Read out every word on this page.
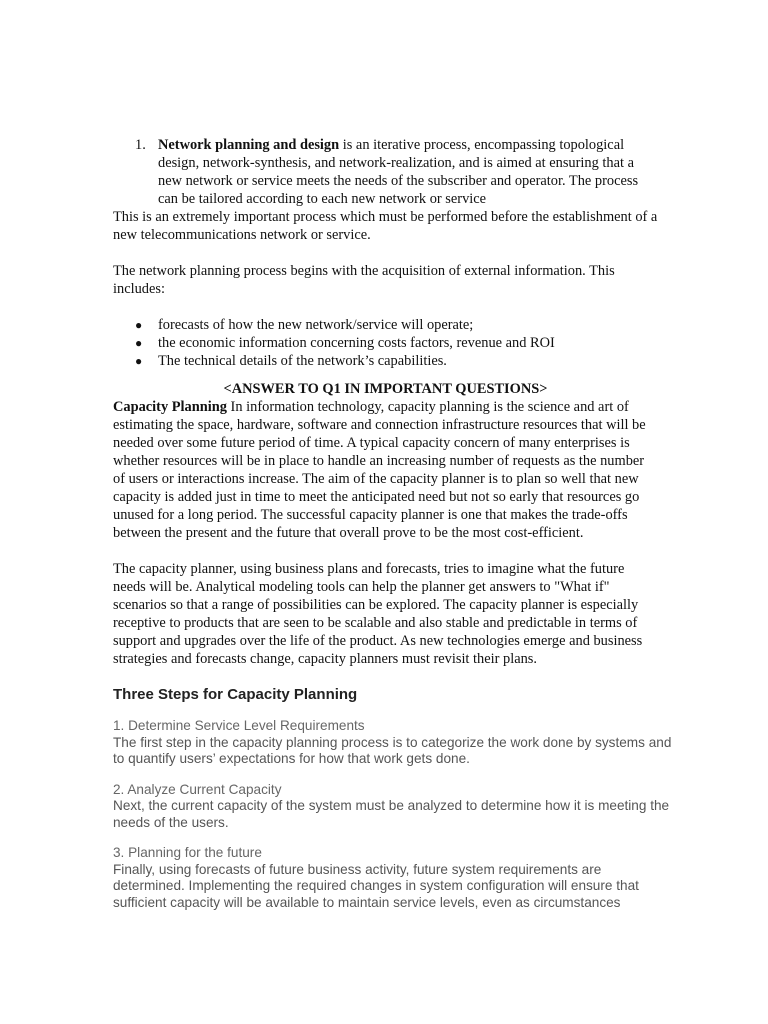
1. Network planning and design is an iterative process, encompassing topological design, network-synthesis, and network-realization, and is aimed at ensuring that a new network or service meets the needs of the subscriber and operator. The process can be tailored according to each new network or service

This is an extremely important process which must be performed before the establishment of a new telecommunications network or service.

The network planning process begins with the acquisition of external information. This includes:

●	forecasts of how the new network/service will operate;
●	the economic information concerning costs factors, revenue and ROI
●	The technical details of the network’s capabilities.

<ANSWER TO Q1 IN IMPORTANT QUESTIONS>

Capacity Planning In information technology, capacity planning is the science and art of estimating the space, hardware, software and connection infrastructure resources that will be needed over some future period of time. A typical capacity concern of many enterprises is whether resources will be in place to handle an increasing number of requests as the number of users or interactions increase. The aim of the capacity planner is to plan so well that new capacity is added just in time to meet the anticipated need but not so early that resources go unused for a long period. The successful capacity planner is one that makes the trade-offs between the present and the future that overall prove to be the most cost-efficient.

The capacity planner, using business plans and forecasts, tries to imagine what the future needs will be. Analytical modeling tools can help the planner get answers to "What if" scenarios so that a range of possibilities can be explored. The capacity planner is especially receptive to products that are seen to be scalable and also stable and predictable in terms of support and upgrades over the life of the product. As new technologies emerge and business strategies and forecasts change, capacity planners must revisit their plans.

Three Steps for Capacity Planning

1. Determine Service Level Requirements

The first step in the capacity planning process is to categorize the work done by systems and to quantify users’ expectations for how that work gets done.

2. Analyze Current Capacity

Next, the current capacity of the system must be analyzed to determine how it is meeting the needs of the users.

3. Planning for the future

Finally, using forecasts of future business activity, future system requirements are determined. Implementing the required changes in system configuration will ensure that sufficient capacity will be available to maintain service levels, even as circumstances
